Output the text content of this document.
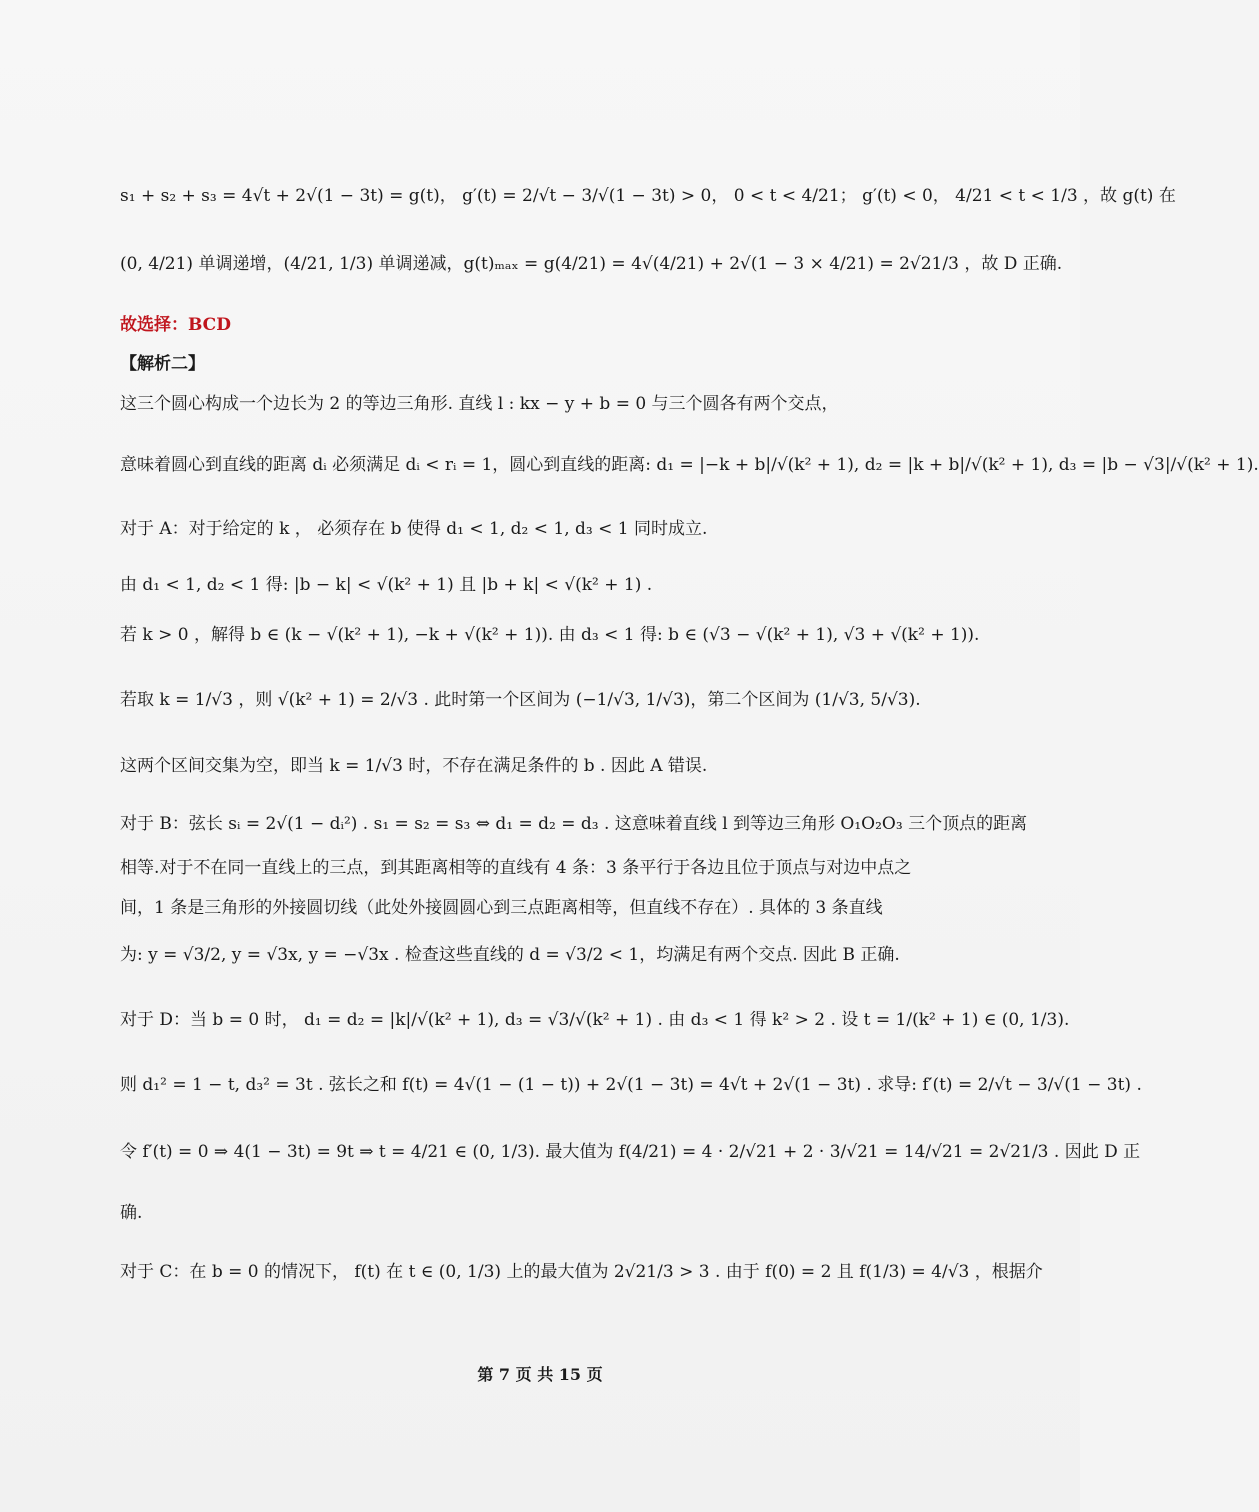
s₁ + s₂ + s₃ = 4√t + 2√(1 − 3t) = g(t)， g′(t) = 2/√t − 3/√(1 − 3t) > 0， 0 < t < 4/21； g′(t) < 0， 4/21 < t < 1/3 ，故 g(t) 在
(0, 4/21) 单调递增，(4/21, 1/3) 单调递减，g(t)ₘₐₓ = g(4/21) = 4√(4/21) + 2√(1 − 3 × 4/21) = 2√21/3 ，故 D 正确.
故选择：BCD
【解析二】
这三个圆心构成一个边长为 2 的等边三角形. 直线 l : kx − y + b = 0 与三个圆各有两个交点，
意味着圆心到直线的距离 dᵢ 必须满足 dᵢ < rᵢ = 1，圆心到直线的距离: d₁ = |−k + b|/√(k² + 1), d₂ = |k + b|/√(k² + 1), d₃ = |b − √3|/√(k² + 1).
对于 A：对于给定的 k ， 必须存在 b 使得 d₁ < 1, d₂ < 1, d₃ < 1 同时成立.
由 d₁ < 1, d₂ < 1 得: |b − k| < √(k² + 1) 且 |b + k| < √(k² + 1) .
若 k > 0 ，解得 b ∈ (k − √(k² + 1), −k + √(k² + 1)). 由 d₃ < 1 得: b ∈ (√3 − √(k² + 1), √3 + √(k² + 1)).
若取 k = 1/√3 ，则 √(k² + 1) = 2/√3 . 此时第一个区间为 (−1/√3, 1/√3)，第二个区间为 (1/√3, 5/√3).
这两个区间交集为空，即当 k = 1/√3 时，不存在满足条件的 b . 因此 A 错误.
对于 B：弦长 sᵢ = 2√(1 − dᵢ²) . s₁ = s₂ = s₃ ⇔ d₁ = d₂ = d₃ . 这意味着直线 l 到等边三角形 O₁O₂O₃ 三个顶点的距离
相等.对于不在同一直线上的三点，到其距离相等的直线有 4 条：3 条平行于各边且位于顶点与对边中点之
间，1 条是三角形的外接圆切线（此处外接圆圆心到三点距离相等，但直线不存在）. 具体的 3 条直线
为: y = √3/2, y = √3x, y = −√3x . 检查这些直线的 d = √3/2 < 1，均满足有两个交点. 因此 B 正确.
对于 D：当 b = 0 时， d₁ = d₂ = |k|/√(k² + 1), d₃ = √3/√(k² + 1) . 由 d₃ < 1 得 k² > 2 . 设 t = 1/(k² + 1) ∈ (0, 1/3).
则 d₁² = 1 − t, d₃² = 3t . 弦长之和 f(t) = 4√(1 − (1 − t)) + 2√(1 − 3t) = 4√t + 2√(1 − 3t) . 求导: f′(t) = 2/√t − 3/√(1 − 3t) .
令 f′(t) = 0 ⇒ 4(1 − 3t) = 9t ⇒ t = 4/21 ∈ (0, 1/3). 最大值为 f(4/21) = 4 · 2/√21 + 2 · 3/√21 = 14/√21 = 2√21/3 . 因此 D 正
确.
对于 C：在 b = 0 的情况下， f(t) 在 t ∈ (0, 1/3) 上的最大值为 2√21/3 > 3 . 由于 f(0) = 2 且 f(1/3) = 4/√3 ，根据介
第 7 页 共 15 页
